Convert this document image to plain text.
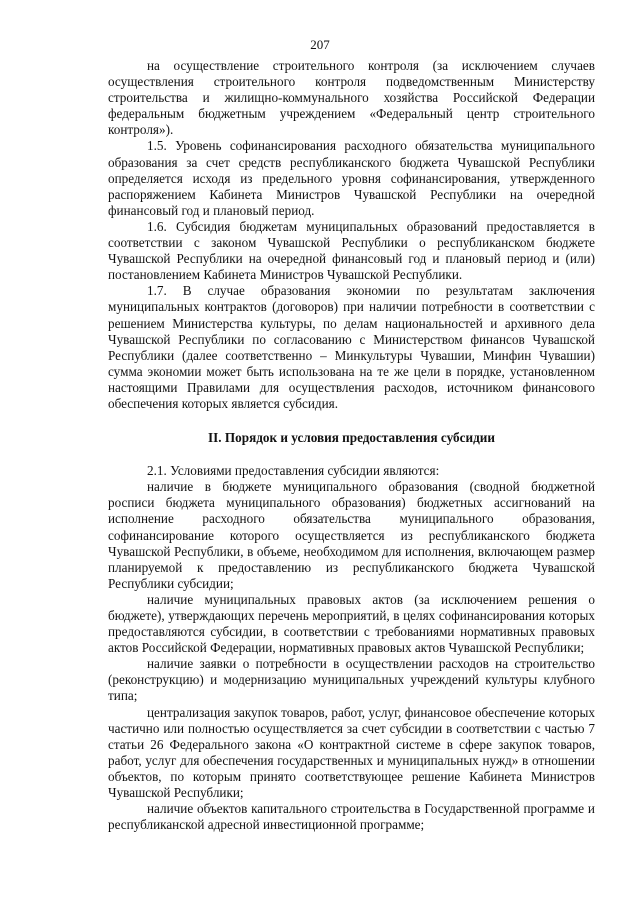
207

на осуществление строительного контроля (за исключением случаев осуществления строительного контроля подведомственным Министерству строительства и жилищно-коммунального хозяйства Российской Федерации федеральным бюджетным учреждением «Федеральный центр строительного контроля»).

1.5. Уровень софинансирования расходного обязательства муниципального образования за счет средств республиканского бюджета Чувашской Республики определяется исходя из предельного уровня софинансирования, утвержденного распоряжением Кабинета Министров Чувашской Республики на очередной финансовый год и плановый период.

1.6. Субсидия бюджетам муниципальных образований предоставляется в соответствии с законом Чувашской Республики о республиканском бюджете Чувашской Республики на очередной финансовый год и плановый период и (или) постановлением Кабинета Министров Чувашской Республики.

1.7. В случае образования экономии по результатам заключения муниципальных контрактов (договоров) при наличии потребности в соответствии с решением Министерства культуры, по делам национальностей и архивного дела Чувашской Республики по согласованию с Министерством финансов Чувашской Республики (далее соответственно – Минкультуры Чувашии, Минфин Чувашии) сумма экономии может быть использована на те же цели в порядке, установленном настоящими Правилами для осуществления расходов, источником финансового обеспечения которых является субсидия.

II. Порядок и условия предоставления субсидии

2.1. Условиями предоставления субсидии являются:

наличие в бюджете муниципального образования (сводной бюджетной росписи бюджета муниципального образования) бюджетных ассигнований на исполнение расходного обязательства муниципального образования, софинансирование которого осуществляется из республиканского бюджета Чувашской Республики, в объеме, необходимом для исполнения, включающем размер планируемой к предоставлению из республиканского бюджета Чувашской Республики субсидии;

наличие муниципальных правовых актов (за исключением решения о бюджете), утверждающих перечень мероприятий, в целях софинансирования которых предоставляются субсидии, в соответствии с требованиями нормативных правовых актов Российской Федерации, нормативных правовых актов Чувашской Республики;

наличие заявки о потребности в осуществлении расходов на строительство (реконструкцию) и модернизацию муниципальных учреждений культуры клубного типа;

централизация закупок товаров, работ, услуг, финансовое обеспечение которых частично или полностью осуществляется за счет субсидии в соответствии с частью 7 статьи 26 Федерального закона «О контрактной системе в сфере закупок товаров, работ, услуг для обеспечения государственных и муниципальных нужд» в отношении объектов, по которым принято соответствующее решение Кабинета Министров Чувашской Республики;

наличие объектов капитального строительства в Государственной программе и республиканской адресной инвестиционной программе;
